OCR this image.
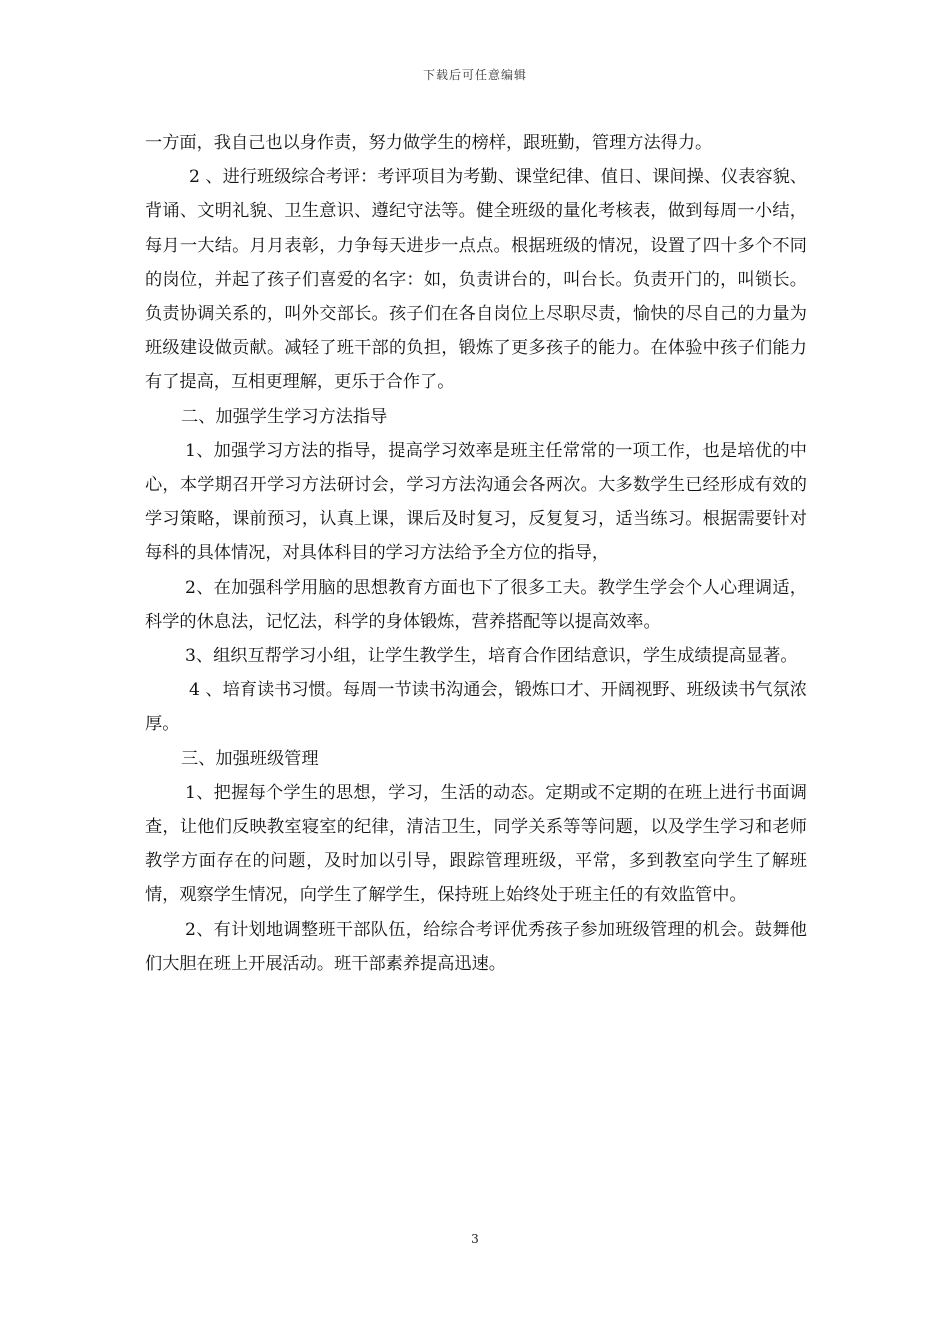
下载后可任意编辑

一方面，我自己也以身作责，努力做学生的榜样，跟班勤，管理方法得力。

2 、进行班级综合考评：考评项目为考勤、课堂纪律、值日、课间操、仪表容貌、背诵、文明礼貌、卫生意识、遵纪守法等。健全班级的量化考核表，做到每周一小结，每月一大结。月月表彰，力争每天进步一点点。根据班级的情况，设置了四十多个不同的岗位，并起了孩子们喜爱的名字：如，负责讲台的，叫台长。负责开门的，叫锁长。负责协调关系的，叫外交部长。孩子们在各自岗位上尽职尽责，愉快的尽自己的力量为班级建设做贡献。减轻了班干部的负担，锻炼了更多孩子的能力。在体验中孩子们能力有了提高，互相更理解，更乐于合作了。

二、加强学生学习方法指导

1、加强学习方法的指导，提高学习效率是班主任常常的一项工作，也是培优的中心，本学期召开学习方法研讨会，学习方法沟通会各两次。大多数学生已经形成有效的学习策略，课前预习，认真上课，课后及时复习，反复复习，适当练习。根据需要针对每科的具体情况，对具体科目的学习方法给予全方位的指导，

2、在加强科学用脑的思想教育方面也下了很多工夫。教学生学会个人心理调适，科学的休息法，记忆法，科学的身体锻炼，营养搭配等以提高效率。

3、组织互帮学习小组，让学生教学生，培育合作团结意识，学生成绩提高显著。

4 、培育读书习惯。每周一节读书沟通会，锻炼口才、开阔视野、班级读书气氛浓厚。

三、加强班级管理

1、把握每个学生的思想，学习，生活的动态。定期或不定期的在班上进行书面调查，让他们反映教室寝室的纪律，清洁卫生，同学关系等等问题，以及学生学习和老师教学方面存在的问题，及时加以引导，跟踪管理班级，平常，多到教室向学生了解班情，观察学生情况，向学生了解学生，保持班上始终处于班主任的有效监管中。

2、有计划地调整班干部队伍，给综合考评优秀孩子参加班级管理的机会。鼓舞他们大胆在班上开展活动。班干部素养提高迅速。

3
